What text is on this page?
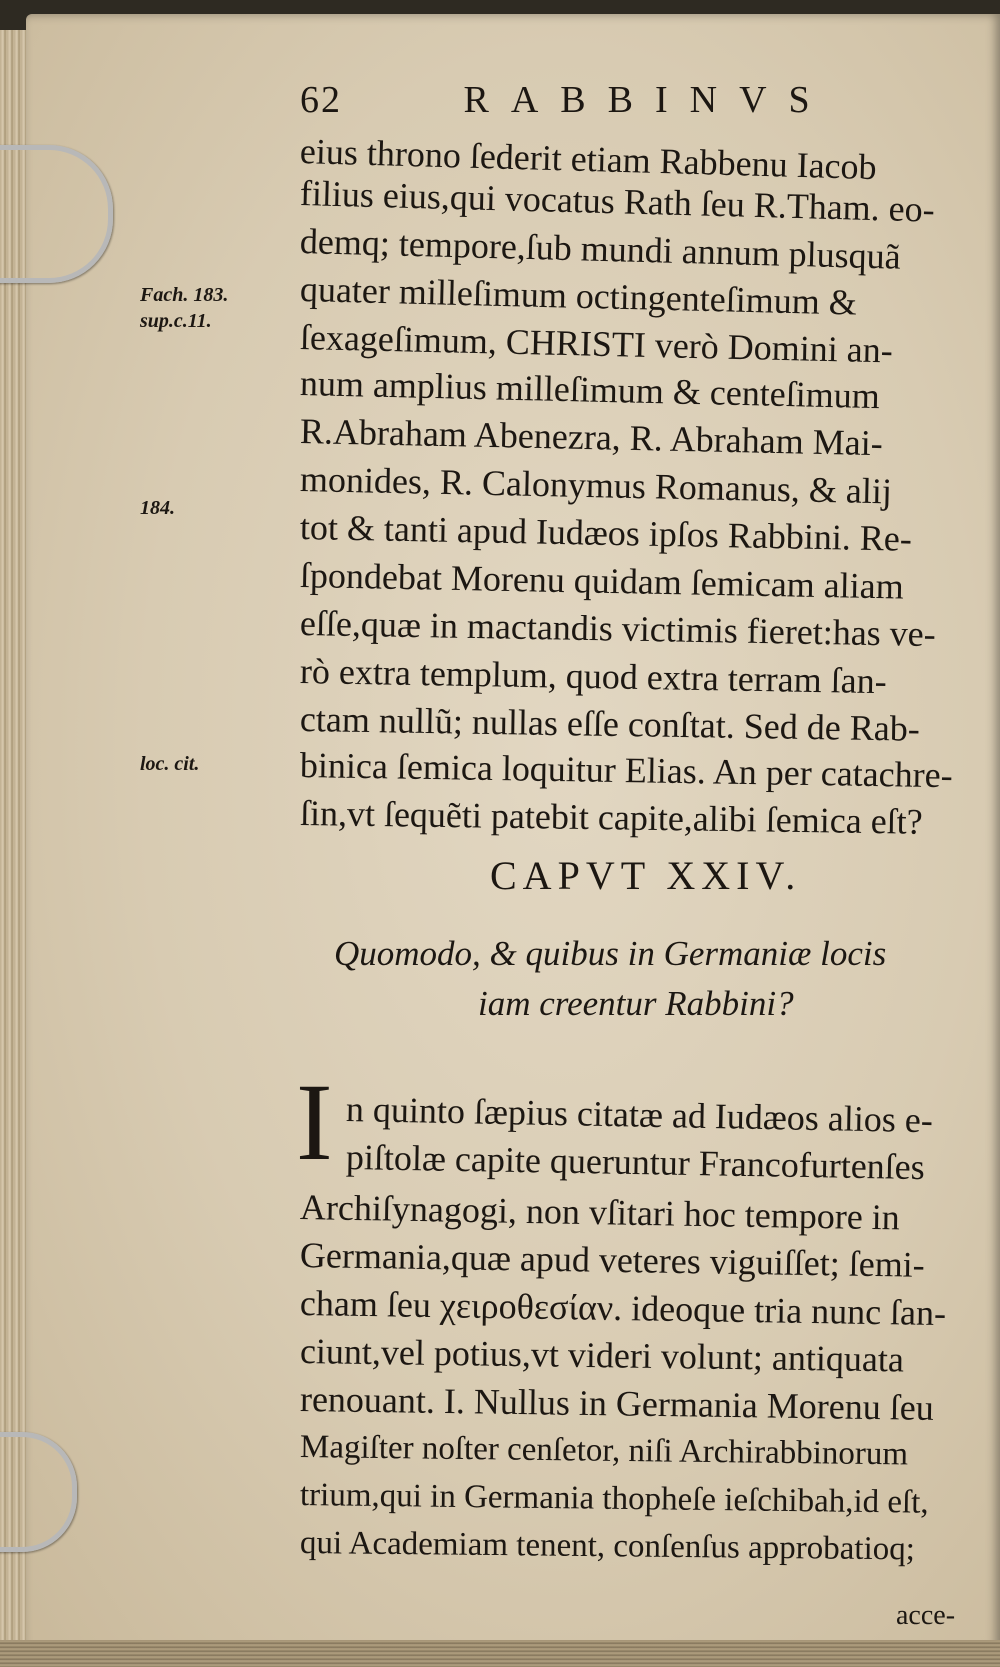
62	RABBINVS
Fach. 183.
sup.c.11.
184.
loc. cit.
eius throno ſederit etiam Rabbenu Iacob
filius eius,qui vocatus Rath ſeu R.Tham. eo-
demq; tempore,ſub mundi annum plusquã
quater milleſimum octingenteſimum &
ſexageſimum, CHRISTI verò Domini an-
num amplius milleſimum & centeſimum
R.Abraham Abenezra, R. Abraham Mai-
monides, R. Calonymus Romanus, & alij
tot & tanti apud Iudæos ipſos Rabbini. Re-
ſpondebat Morenu quidam ſemicam aliam
eſſe,quæ in mactandis victimis fieret:has ve-
rò extra templum, quod extra terram ſan-
ctam nullũ; nullas eſſe conſtat. Sed de Rab-
binica ſemica loquitur Elias. An per catachre-
ſin,vt ſequẽti patebit capite,alibi ſemica eſt?
CAPVT XXIV.
Quomodo, & quibus in Germaniæ locis
iam creentur Rabbini?
I n quinto ſæpius citatæ ad Iudæos alios e-
piſtolæ capite queruntur Francofurtenſes
Archiſynagogi, non vſitari hoc tempore in
Germania,quæ apud veteres viguiſſet; ſemi-
cham ſeu χειροθεσίαν. ideoque tria nunc ſan-
ciunt,vel potius,vt videri volunt; antiquata
renouant. I. Nullus in Germania Morenu ſeu
Magiſter noſter cenſetor, niſi Archirabbinorum
trium,qui in Germania thopheſe ieſchibah,id eſt,
qui Academiam tenent, conſenſus approbatioq;
acce-
